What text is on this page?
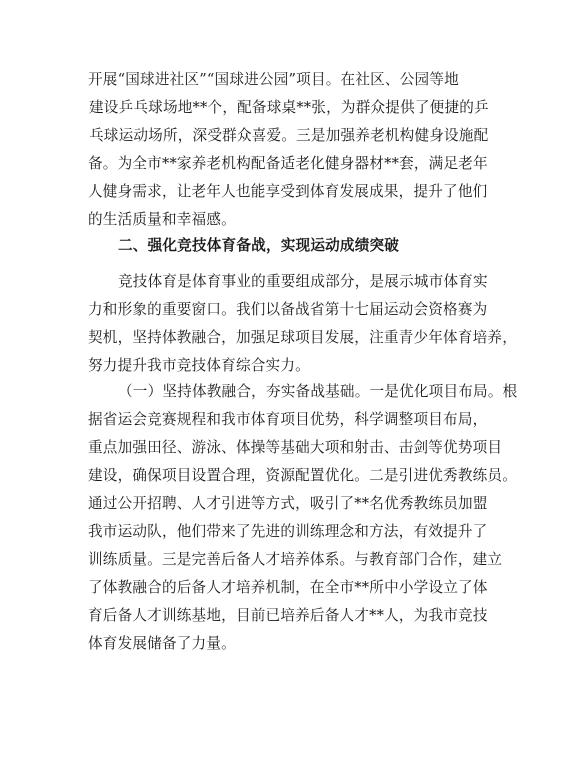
开展“国球进社区”“国球进公园”项目。在社区、公园等地
建设乒乓球场地**个，配备球桌**张，为群众提供了便捷的乒
乓球运动场所，深受群众喜爱。三是加强养老机构健身设施配
备。为全市**家养老机构配备适老化健身器材**套，满足老年
人健身需求，让老年人也能享受到体育发展成果，提升了他们
的生活质量和幸福感。
二、强化竞技体育备战，实现运动成绩突破
竞技体育是体育事业的重要组成部分，是展示城市体育实
力和形象的重要窗口。我们以备战省第十七届运动会资格赛为
契机，坚持体教融合，加强足球项目发展，注重青少年体育培养，
努力提升我市竞技体育综合实力。
（一）坚持体教融合，夯实备战基础。一是优化项目布局。根
据省运会竞赛规程和我市体育项目优势，科学调整项目布局，
重点加强田径、游泳、体操等基础大项和射击、击剑等优势项目
建设，确保项目设置合理，资源配置优化。二是引进优秀教练员。
通过公开招聘、人才引进等方式，吸引了**名优秀教练员加盟
我市运动队，他们带来了先进的训练理念和方法，有效提升了
训练质量。三是完善后备人才培养体系。与教育部门合作，建立
了体教融合的后备人才培养机制，在全市**所中小学设立了体
育后备人才训练基地，目前已培养后备人才**人，为我市竞技
体育发展储备了力量。
